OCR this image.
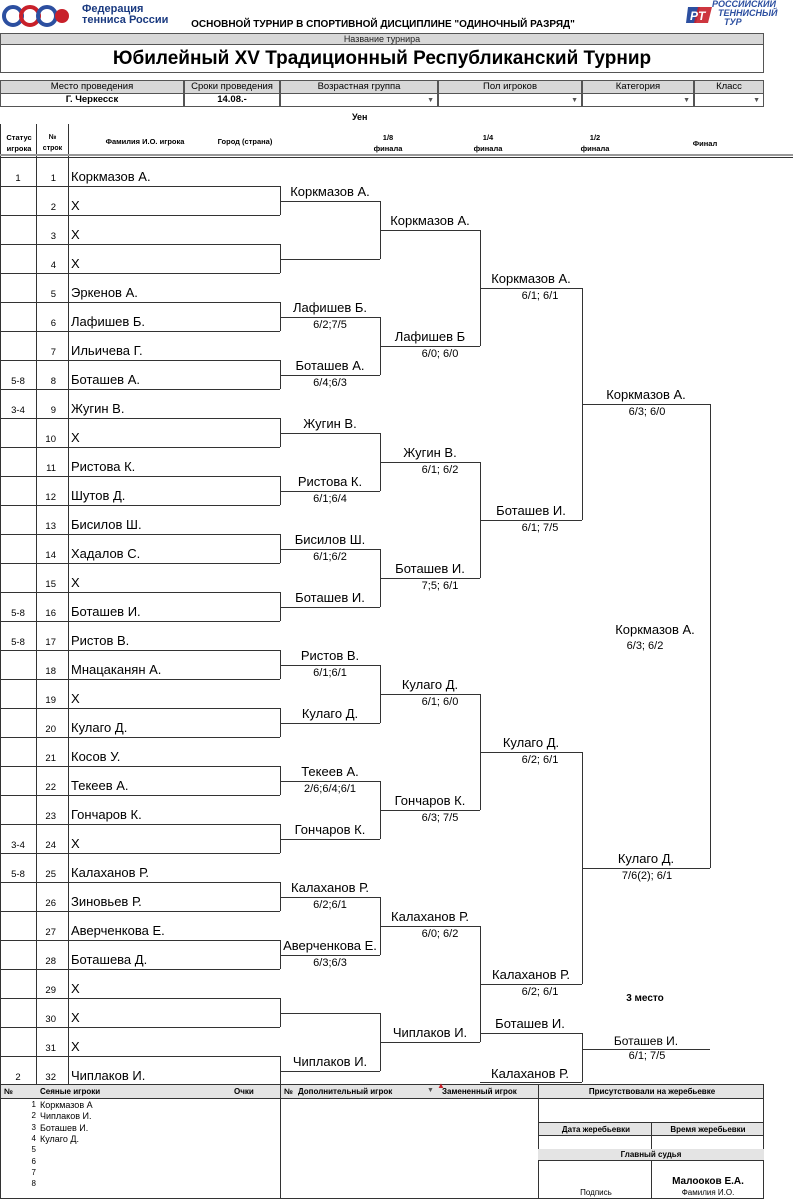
Федерация
тенниса России	PT
РОССИЙСКИЙ
ТЕННИСНЫЙ
ТУР
ОСНОВНОЙ ТУРНИР В СПОРТИВНОЙ ДИСЦИПЛИНЕ "ОДИНОЧНЫЙ РАЗРЯД"
Название турнира
Юбилейный XV Традиционный Республиканский Турнир
Место проведения	Сроки проведения	Возрастная группа	Пол игроков	Категория	Класс
Г. Черкесск	14.08.-	▼	▼	▼	▼
Уен
Статус
игрока
№
строк
Фамилия И.О. игрока	Город (страна)	1/8
финала
1/4
финала
1/2
финала
Финал
1	1 Коркмазов А.
2 Х
3 Х
4 Х
5 Эркенов А.
6 Лафишев Б.
7 Ильичева Г.
5-8	8 Боташев А.
3-4	9 Жугин В.
10 Х
11 Ристова К.
12 Шутов Д.
13 Бисилов Ш.
14 Хадалов С.
15 Х
5-8	16 Боташев И.
5-8	17 Ристов В.
18 Мнацаканян А.
19 Х
20 Кулаго Д.
21 Косов У.
22 Текеев А.
23 Гончаров К.
3-4	24 Х
5-8	25 Калаханов Р.
26 Зиновьев Р.
27 Аверченкова Е.
28 Боташева Д.
29 Х
30 Х
31 Х
2	32 Чиплаков И.
Коркмазов А.
Лафишев Б.
6/2;7/5
Боташев А.
6/4;6/3
Жугин В.
Ристова К.
6/1;6/4
Бисилов Ш.
6/1;6/2
Боташев И.
Ристов В.
6/1;6/1
Кулаго Д.
Текеев А.
2/6;6/4;6/1
Гончаров К.
Калаханов Р.
6/2;6/1
Аверченкова Е.
6/3;6/3
Чиплаков И.
Коркмазов А.
Лафишев Б
6/0; 6/0
Жугин В.
6/1; 6/2
Боташев И.
7;5; 6/1
Кулаго Д.
6/1; 6/0
Гончаров К.
6/3; 7/5
Калаханов Р.
6/0; 6/2
Чиплаков И.
Коркмазов А.
6/1; 6/1
Боташев И.
6/1; 7/5
Кулаго Д.
6/2; 6/1
Калаханов Р.
6/2; 6/1
Коркмазов А.
6/3; 6/0
Кулаго Д.
7/6(2); 6/1
Коркмазов А.
6/3; 6/2
Боташев И.
Калаханов Р.
3 место
Боташев И.
6/1; 7/5
№	Сеяные игроки	Очки	№ Дополнительный игрок	▼
▲
Замененный игрок	Присутствовали на жеребьевке
Дата жеребьевки	Время жеребьевки
Главный судья
Малооков Е.А.
Подпись	Фамилия И.О.
1 Коркмазов А
2 Чиплаков И.
3 Боташев И.
4 Кулаго Д.
5
6
7
8
